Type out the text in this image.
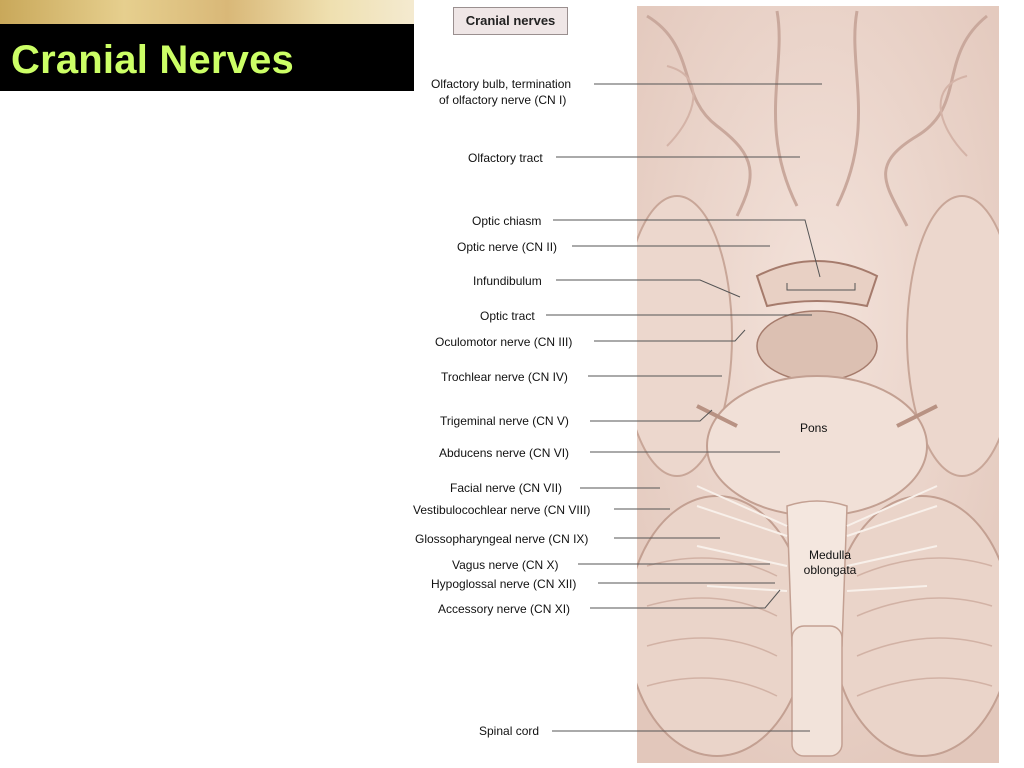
Cranial Nerves
Cranial nerves
Olfactory bulb, termination
of olfactory nerve (CN I)
Olfactory tract
Optic chiasm
Optic nerve (CN II)
Infundibulum
Optic tract
Oculomotor nerve (CN III)
Trochlear nerve (CN IV)
Trigeminal nerve (CN V)
Abducens nerve (CN VI)
Facial nerve (CN VII)
Vestibulocochlear nerve (CN VIII)
Glossopharyngeal nerve (CN IX)
Vagus nerve (CN X)
Hypoglossal nerve (CN XII)
Accessory nerve (CN XI)
Spinal cord
Pons
Medulla
oblongata
